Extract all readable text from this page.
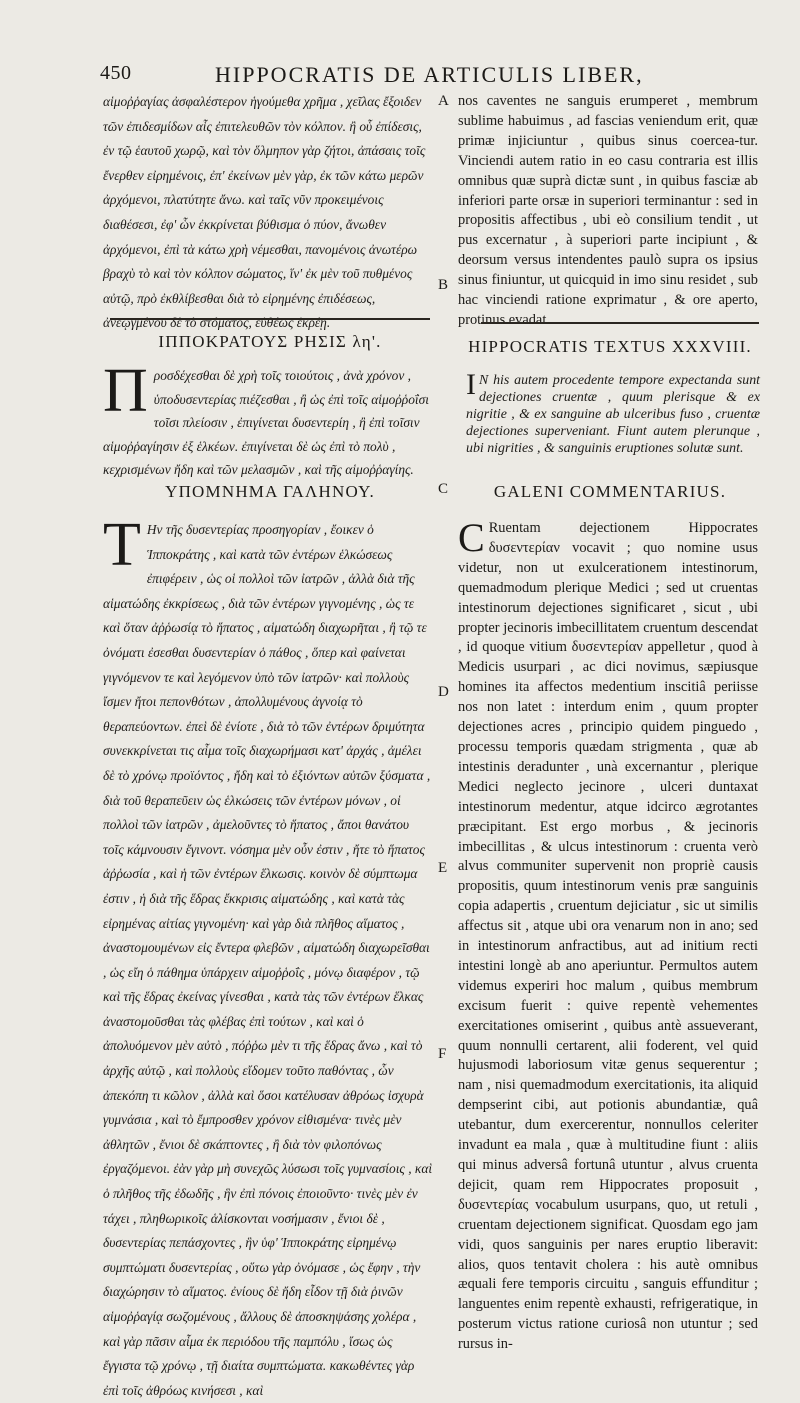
450	HIPPOCRATIS DE ARTICULIS LIBER,

αἱμοῤῥαγίας ἀσφαλέστερον ἡγούμεθα χρῆμα , χεῖλας ἔξοιδεν τῶν ἐπιδεσμίδων αἷς ἐπιτελευθῶν τὸν κόλπον. ἢ οὗ ἐπίδεσις, ἐν τῷ ἑαυτοῦ χωρῷ, καὶ τὸν ὅλμηπον γὰρ ζήτοι, ἀπάσαις τοῖς ἔνερθεν εἰρημένοις, ἐπ' ἐκείνων μὲν γὰρ, ἐκ τῶν κάτω μερῶν ἀρχόμενοι, πλατύτητε ἄνω. καὶ ταῖς νῦν προκειμένοις διαθέσεσι, ἐφ' ὧν ἐκκρίνεται βύθισμα ὁ πύον, ἄνωθεν ἀρχόμενοι, ἐπὶ τὰ κάτω χρὴ νέμεσθαι, πανομένοις ἀνωτέρω βραχὺ τὸ καὶ τὸν κόλπον σώματος, ἵν' ἐκ μὲν τοῦ πυθμένος αὐτῷ, πρὸ ἐκθλίβεσθαι διὰ τὸ εἰρημένης ἐπιδέσεως, ἀνεῳγμένου δὲ τὸ στόματος, εὐθέως ἐκρέῃ.

nos caventes ne sanguis erumperet , membrum sublime habuimus , ad fascias veniendum erit, quæ primæ injiciuntur , quibus sinus coercea-tur. Vinciendi autem ratio in eo casu contraria est illis omnibus quæ suprà dictæ sunt , in quibus fasciæ ab inferiori parte orsæ in superiori terminantur : sed in propositis affectibus , ubi eò consilium tendit , ut pus excernatur , à superiori parte incipiunt , & deorsum versus intendentes paulò supra os ipsius sinus finiuntur, ut quicquid in imo sinu residet , sub hac vinciendi ratione exprimatur , & ore aperto, protinus evadat.

A
B
C
D
E
F
ΙΠΠΟΚΡΑΤΟΥΣ ΡΗΣΙΣ λη'.	HIPPOCRATIS TEXTUS XXXVIII.

Προσδέχεσθαι δὲ χρὴ τοῖς τοιούτοις , ἀνὰ χρόνον , ὑποδυσεντερίας πιέζεσθαι , ἢ ὡς ἐπὶ τοῖς αἱμοῤῥοΐσι τοῖσι πλείοσιν , ἐπιγίνεται δυσεντερίη , ἢ ἐπὶ τοῖσιν αἱμοῤῥαγίησιν ἐξ ἑλκέων. ἐπιγίνεται δὲ ὡς ἐπὶ τὸ πολὺ , κεχρισμένων ἤδη καὶ τῶν μελασμῶν , καὶ τῆς αἱμοῤῥαγίης.

I N his autem procedente tempore expectanda sunt dejectiones cruentæ , quum plerisque & ex nigritie , & ex sanguine ab ulceribus fuso , cruentæ dejectiones superveniant. Fiunt autem plerunque , ubi nigrities , & sanguinis eruptiones solutæ sunt.

ΥΠΟΜΝΗΜΑ ΓΑΛΗΝΟΥ.	GALENI COMMENTARIUS.

Τ Ην τῆς δυσεντερίας προσηγορίαν , ἔοικεν ὁ Ἱπποκράτης , καὶ κατὰ τῶν ἐντέρων ἑλκώσεως ἐπιφέρειν , ὡς οἱ πολλοὶ τῶν ἰατρῶν , ἀλλὰ διὰ τῆς αἱματώδης ἐκκρίσεως , διὰ τῶν ἐντέρων γιγνομένης , ὡς τε καὶ ὅταν ἀῤῥωσίᾳ τὸ ἥπατος , αἱματώδη διαχωρῆται , ἢ τῷ τε ὀνόματι ἐσεσθαι δυσεντερίαν ὁ πάθος , ὅπερ καὶ φαίνεται γιγνόμενον τε καὶ λεγόμενον ὑπὸ τῶν ἰατρῶν· καὶ πολλοὺς ἴσμεν ἤτοι πεπονθότων , ἀπολλυμένους ἀγνοίᾳ τὸ θεραπεύοντων. ἐπεὶ δὲ ἐνίοτε , διὰ τὸ τῶν ἐντέρων δριμύτητα συνεκκρίνεται τις αἷμα τοῖς διαχωρήμασι κατ' ἀρχάς , ἀμέλει δὲ τὸ χρόνῳ προϊόντος , ἤδη καὶ τὸ ἐξιόντων αὐτῶν ξύσματα , διὰ τοῦ θεραπεῦειν ὡς ἑλκώσεις τῶν ἐντέρων μόνων , οἱ πολλοὶ τῶν ἰατρῶν , ἀμελοῦντες τὸ ἥπατος , ἄποι θανάτου τοῖς κάμνουσιν ἔγινοντ. νόσημα μὲν οὖν ἐστιν , ἤτε τὸ ἥπατος ἀῤῥωσία , καὶ ἡ τῶν ἐντέρων ἕλκωσις. κοινὸν δὲ σύμπτωμα ἐστιν , ἡ διὰ τῆς ἕδρας ἔκκρισις αἱματώδης , καὶ κατὰ τὰς εἰρημένας αἰτίας γιγνομένη· καὶ γὰρ διὰ πλῆθος αἵματος , ἀναστομουμένων εἰς ἔντερα φλεβῶν , αἱματώδη διαχωρεῖσθαι , ὡς εἴη ὁ πάθημα ὑπάρχειν αἱμοῤῥοΐς , μόνῳ διαφέρον , τῷ καὶ τῆς ἕδρας ἐκείνας γίνεσθαι , κατὰ τὰς τῶν ἐντέρων ἕλκας ἀναστομοῦσθαι τὰς φλέβας ἐπὶ τούτων , καὶ καὶ ὁ ἀπολυόμενον μὲν αὐτὸ , πόῤῥω μὲν τι τῆς ἕδρας ἄνω , καὶ τὸ ἀρχῆς αὐτῷ , καὶ πολλοὺς εἴδομεν τοῦτο παθόντας , ὧν ἀπεκόπη τι κῶλον , ἀλλὰ καὶ ὅσοι κατέλυσαν ἀθρόως ἰσχυρὰ γυμνάσια , καὶ τὸ ἔμπροσθεν χρόνον εἰθισμένα· τινὲς μὲν ἀθλητῶν , ἔνιοι δὲ σκάπτοντες , ἢ διὰ τὸν φιλοπόνως ἐργαζόμενοι. ἐὰν γὰρ μὴ συνεχῶς λύσωσι τοῖς γυμνασίοις , καὶ ὁ πλῆθος τῆς ἐδωδῆς , ἣν ἐπὶ πόνοις ἐποιοῦντο· τινὲς μὲν ἐν τάχει , πληθωρικοῖς ἁλίσκονται νοσήμασιν , ἔνιοι δὲ , δυσεντερίας πεπάσχοντες , ἣν ὑφ' Ἱπποκράτης εἰρημένῳ συμπτώματι δυσεντερίας , οὕτω γὰρ ὀνόμασε , ὡς ἔφην , τὴν διαχώρησιν τὸ αἵματος. ἐνίους δὲ ἤδη εἶδον τῇ διὰ ῥινῶν αἱμοῤῥαγίᾳ σωζομένους , ἄλλους δὲ ἀποσκηψάσης χολέρα , καὶ γὰρ πᾶσιν αἷμα ἐκ περιόδου τῆς παμπόλυ , ἴσως ὡς ἔγγιστα τῷ χρόνῳ , τῇ διαίτα συμπτώματα. κακωθέντες γὰρ ἐπὶ τοῖς ἀθρόως κινήσεσι , καὶ

C Ruentam dejectionem Hippocrates δυσεντερίαν vocavit ; quo nomine usus videtur, non ut exulcerationem intestinorum, quemadmodum plerique Medici ; sed ut cruentas intestinorum dejectiones significaret , sicut , ubi propter jecinoris imbecillitatem cruentum descendat , id quoque vitium δυσεντερίαν appelletur , quod à Medicis usurpari , ac dici novimus, sæpiusque homines ita affectos medentium inscitiâ periisse nos non latet : interdum enim , quum propter dejectiones acres , principio quidem pinguedo , processu temporis quædam strigmenta , quæ ab intestinis deradunter , unà excernantur , plerique Medici neglecto jecinore , ulceri duntaxat intestinorum medentur, atque idcirco ægrotantes præcipitant. Est ergo morbus , & jecinoris imbecillitas , & ulcus intestinorum : cruenta verò alvus communiter supervenit non propriè causis propositis, quum intestinorum venis præ sanguinis copia adapertis , cruentum dejiciatur , sic ut similis affectus sit , atque ubi ora venarum non in ano; sed in intestinorum anfractibus, aut ad initium recti intestini longè ab ano aperiuntur. Permultos autem videmus experiri hoc malum , quibus membrum excisum fuerit : quive repentè vehementes exercitationes omiserint , quibus antè assueverant, quum nonnulli certarent, alii foderent, vel quid hujusmodi laboriosum vitæ genus sequerentur ; nam , nisi quemadmodum exercitationis, ita aliquid dempserint cibi, aut potionis abundantiæ, quâ utebantur, dum exercerentur, nonnullos celeriter invadunt ea mala , quæ à multitudine fiunt : aliis qui minus adversâ fortunâ utuntur , alvus cruenta dejicit, quam rem Hippocrates proposuit , δυσεντερίας vocabulum usurpans, quo, ut retuli , cruentam dejectionem significat. Quosdam ego jam vidi, quos sanguinis per nares eruptio liberavit: alios, quos tentavit cholera : his autè omnibus æquali fere temporis circuitu , sanguis effunditur ; languentes enim repentè exhausti, refrigeratique, in posterum victus ratione curiosâ non utuntur ; sed rursus in-
